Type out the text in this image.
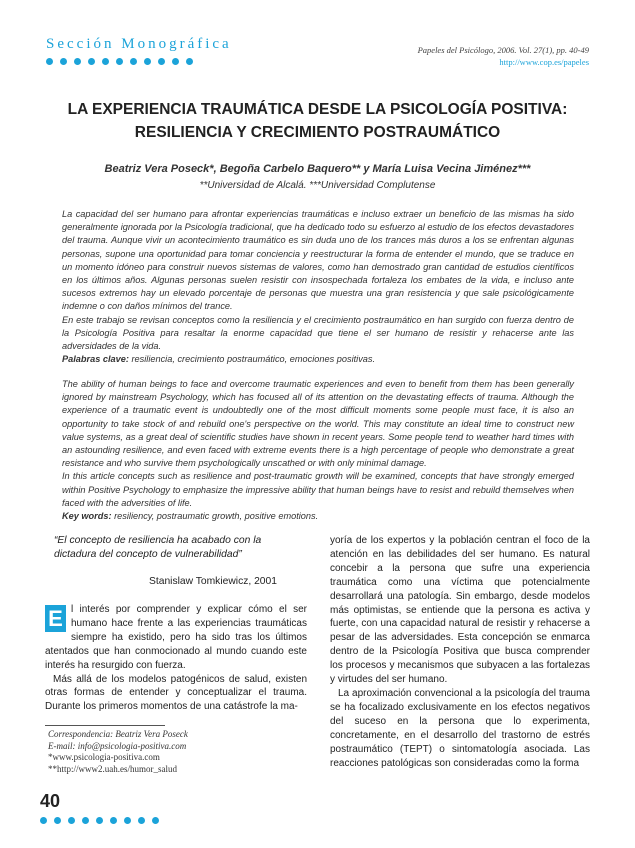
Sección Monográfica	Papeles del Psicólogo, 2006. Vol. 27(1), pp. 40-49
http://www.cop.es/papeles
LA EXPERIENCIA TRAUMÁTICA DESDE LA PSICOLOGÍA POSITIVA:
RESILIENCIA Y CRECIMIENTO POSTRAUMÁTICO
Beatriz Vera Poseck*, Begoña Carbelo Baquero** y María Luisa Vecina Jiménez***
**Universidad de Alcalá. ***Universidad Complutense

La capacidad del ser humano para afrontar experiencias traumáticas e incluso extraer un beneficio de las mismas ha sido generalmente ignorada por la Psicología tradicional, que ha dedicado todo su esfuerzo al estudio de los efectos devastadores del trauma. Aunque vivir un acontecimiento traumático es sin duda uno de los trances más duros a los se enfrentan algunas personas, supone una oportunidad para tomar conciencia y reestructurar la forma de entender el mundo, que se traduce en un momento idóneo para construir nuevos sistemas de valores, como han demostrado gran cantidad de estudios científicos en los últimos años. Algunas personas suelen resistir con insospechada fortaleza los embates de la vida, e incluso ante sucesos extremos hay un elevado porcentaje de personas que muestra una gran resistencia y que sale psicológicamente indemne o con daños mínimos del trance.

En este trabajo se revisan conceptos como la resiliencia y el crecimiento postraumático en han surgido con fuerza dentro de la Psicología Positiva para resaltar la enorme capacidad que tiene el ser humano de resistir y rehacerse ante las adversidades de la vida.

Palabras clave: resiliencia, crecimiento postraumático, emociones positivas.

The ability of human beings to face and overcome traumatic experiences and even to benefit from them has been generally ignored by mainstream Psychology, which has focused all of its attention on the devastating effects of trauma. Although the experience of a traumatic event is undoubtedly one of the most difficult moments some people must face, it is also an opportunity to take stock of and rebuild one's perspective on the world. This may constitute an ideal time to construct new value systems, as a great deal of scientific studies have shown in recent years. Some people tend to weather hard times with an astounding resilience, and even faced with extreme events there is a high percentage of people who demonstrate a great resistance and who survive them psychologically unscathed or with only minimal damage.

In this article concepts such as resilience and post-traumatic growth will be examined, concepts that have strongly emerged within Positive Psychology to emphasize the impressive ability that human beings have to resist and rebuild themselves when faced with the adversities of life.

Key words: resiliency, postraumatic growth, positive emotions.

“El concepto de resiliencia ha acabado con la dictadura del concepto de vulnerabilidad”
Stanislaw Tomkiewicz, 2001

E l interés por comprender y explicar cómo el ser humano hace frente a las experiencias traumáticas siempre ha existido, pero ha sido tras los últimos atentados que han conmocionado al mundo cuando este interés ha resurgido con fuerza.

Más allá de los modelos patogénicos de salud, existen otras formas de entender y conceptualizar el trauma. Durante los primeros momentos de una catástrofe la ma-

yoría de los expertos y la población centran el foco de la atención en las debilidades del ser humano. Es natural concebir a la persona que sufre una experiencia traumática como una víctima que potencialmente desarrollará una patología. Sin embargo, desde modelos más optimistas, se entiende que la persona es activa y fuerte, con una capacidad natural de resistir y rehacerse a pesar de las adversidades. Esta concepción se enmarca dentro de la Psicología Positiva que busca comprender los procesos y mecanismos que subyacen a las fortalezas y virtudes del ser humano.

La aproximación convencional a la psicología del trauma se ha focalizado exclusivamente en los efectos negativos del suceso en la persona que lo experimenta, concretamente, en el desarrollo del trastorno de estrés postraumático (TEPT) o sintomatología asociada. Las reacciones patológicas son consideradas como la forma

Correspondencia: Beatriz Vera Poseck
E-mail: info@psicologia-positiva.com
*www.psicologia-positiva.com
**http://www2.uah.es/humor_salud
40
